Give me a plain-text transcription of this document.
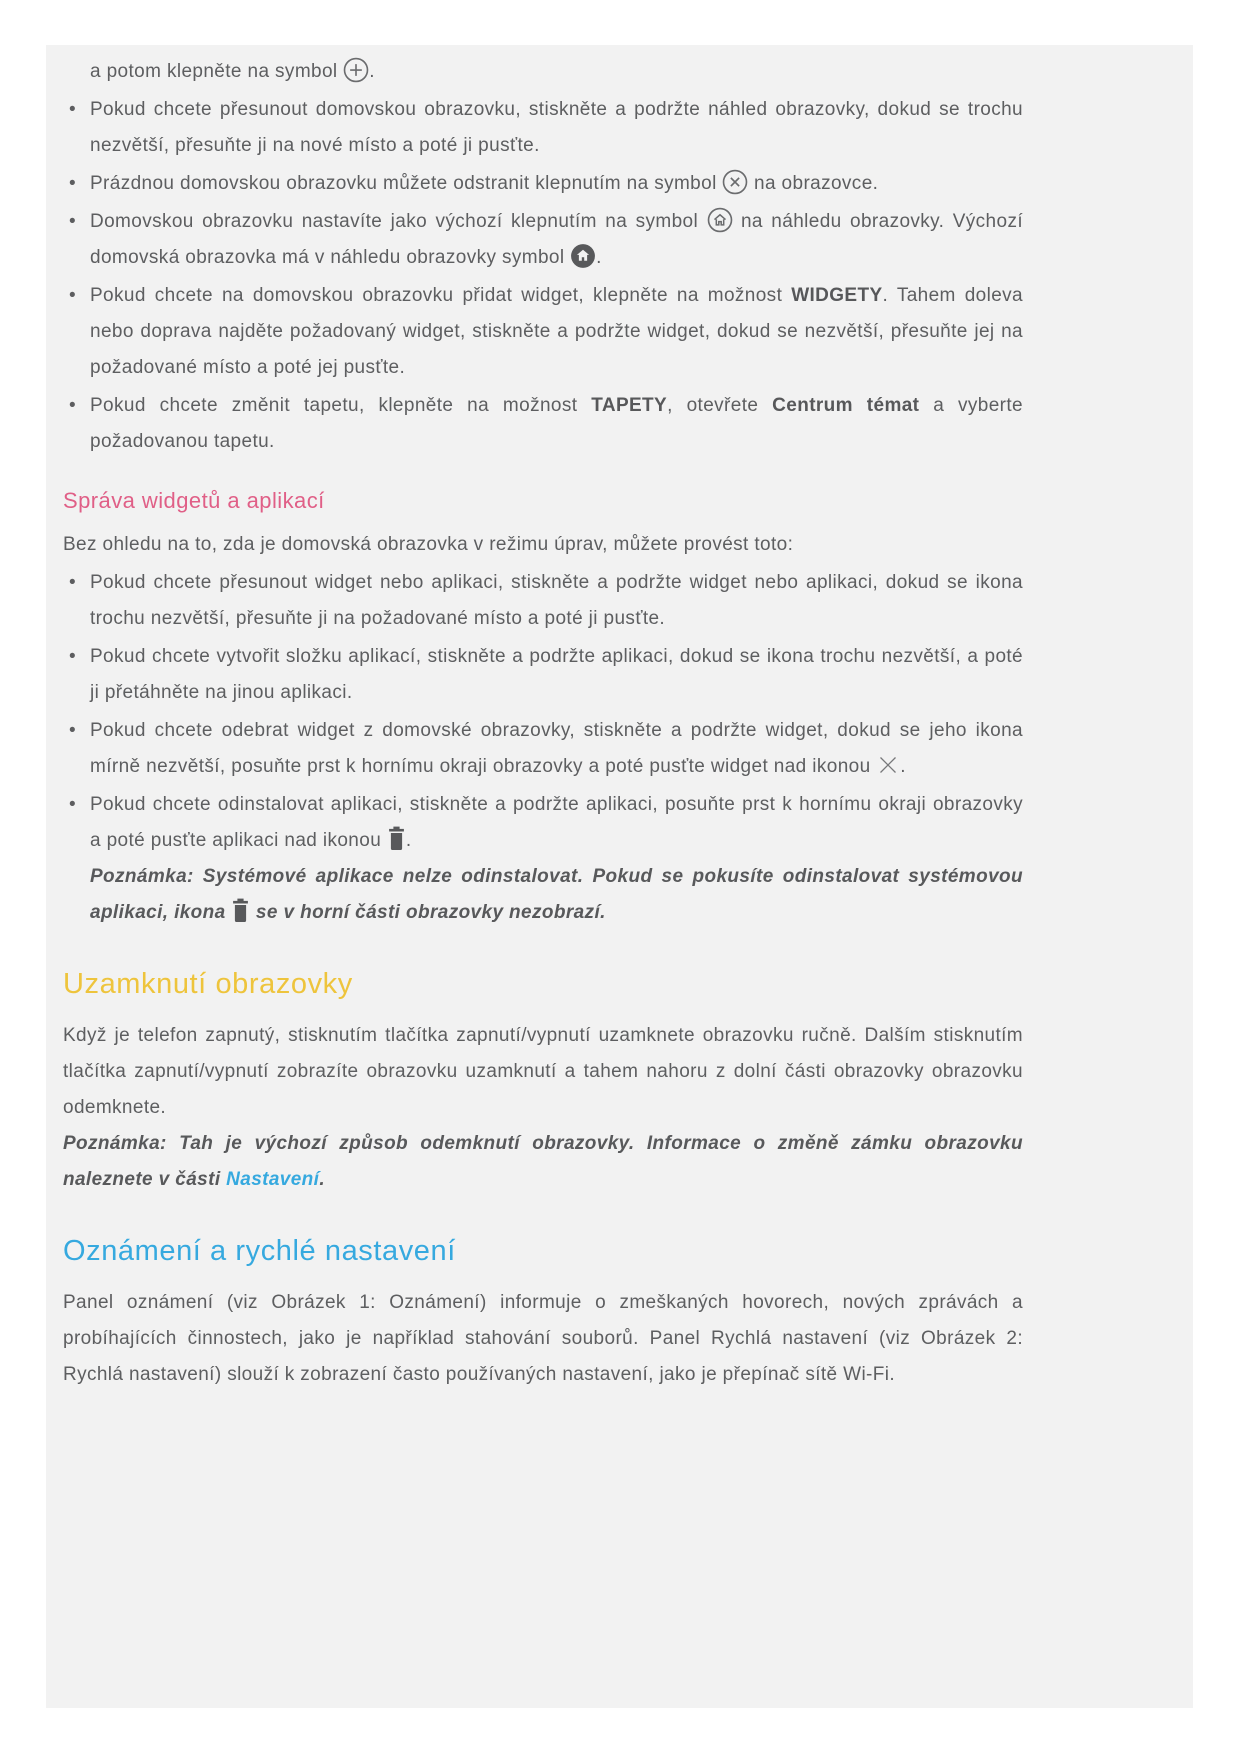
a potom klepněte na symbol
.
• Pokud chcete přesunout domovskou obrazovku, stiskněte a podržte náhled obrazovky, dokud se trochu nezvětší, přesuňte ji na nové místo a poté ji pusťte.
• Prázdnou domovskou obrazovku můžete odstranit klepnutím na symbol
na obrazovce.
• Domovskou obrazovku nastavíte jako výchozí klepnutím na symbol
na náhledu obrazovky. Výchozí domovská obrazovka má v náhledu obrazovky symbol
.
• Pokud chcete na domovskou obrazovku přidat widget, klepněte na možnost WIDGETY. Tahem doleva nebo doprava najděte požadovaný widget, stiskněte a podržte widget, dokud se nezvětší, přesuňte jej na požadované místo a poté jej pusťte.
• Pokud chcete změnit tapetu, klepněte na možnost TAPETY, otevřete Centrum témat a vyberte požadovanou tapetu.
Správa widgetů a aplikací

Bez ohledu na to, zda je domovská obrazovka v režimu úprav, můžete provést toto:

• Pokud chcete přesunout widget nebo aplikaci, stiskněte a podržte widget nebo aplikaci, dokud se ikona trochu nezvětší, přesuňte ji na požadované místo a poté ji pusťte.
• Pokud chcete vytvořit složku aplikací, stiskněte a podržte aplikaci, dokud se ikona trochu nezvětší, a poté ji přetáhněte na jinou aplikaci.
• Pokud chcete odebrat widget z domovské obrazovky, stiskněte a podržte widget, dokud se jeho ikona mírně nezvětší, posuňte prst k hornímu okraji obrazovky a poté pusťte widget nad ikonou
.
• Pokud chcete odinstalovat aplikaci, stiskněte a podržte aplikaci, posuňte prst k hornímu okraji obrazovky a poté pusťte aplikaci nad ikonou
.
Poznámka: Systémové aplikace nelze odinstalovat. Pokud se pokusíte odinstalovat systémovou aplikaci, ikona
se v horní části obrazovky nezobrazí.
Uzamknutí obrazovky

Když je telefon zapnutý, stisknutím tlačítka zapnutí/vypnutí uzamknete obrazovku ručně. Dalším stisknutím tlačítka zapnutí/vypnutí zobrazíte obrazovku uzamknutí a tahem nahoru z dolní části obrazovky obrazovku odemknete.

Poznámka: Tah je výchozí způsob odemknutí obrazovky. Informace o změně zámku obrazovku naleznete v části Nastavení.
Oznámení a rychlé nastavení

Panel oznámení (viz Obrázek 1: Oznámení) informuje o zmeškaných hovorech, nových zprávách a probíhajících činnostech, jako je například stahování souborů. Panel Rychlá nastavení (viz Obrázek 2: Rychlá nastavení) slouží k zobrazení často používaných nastavení, jako je přepínač sítě Wi-Fi.
